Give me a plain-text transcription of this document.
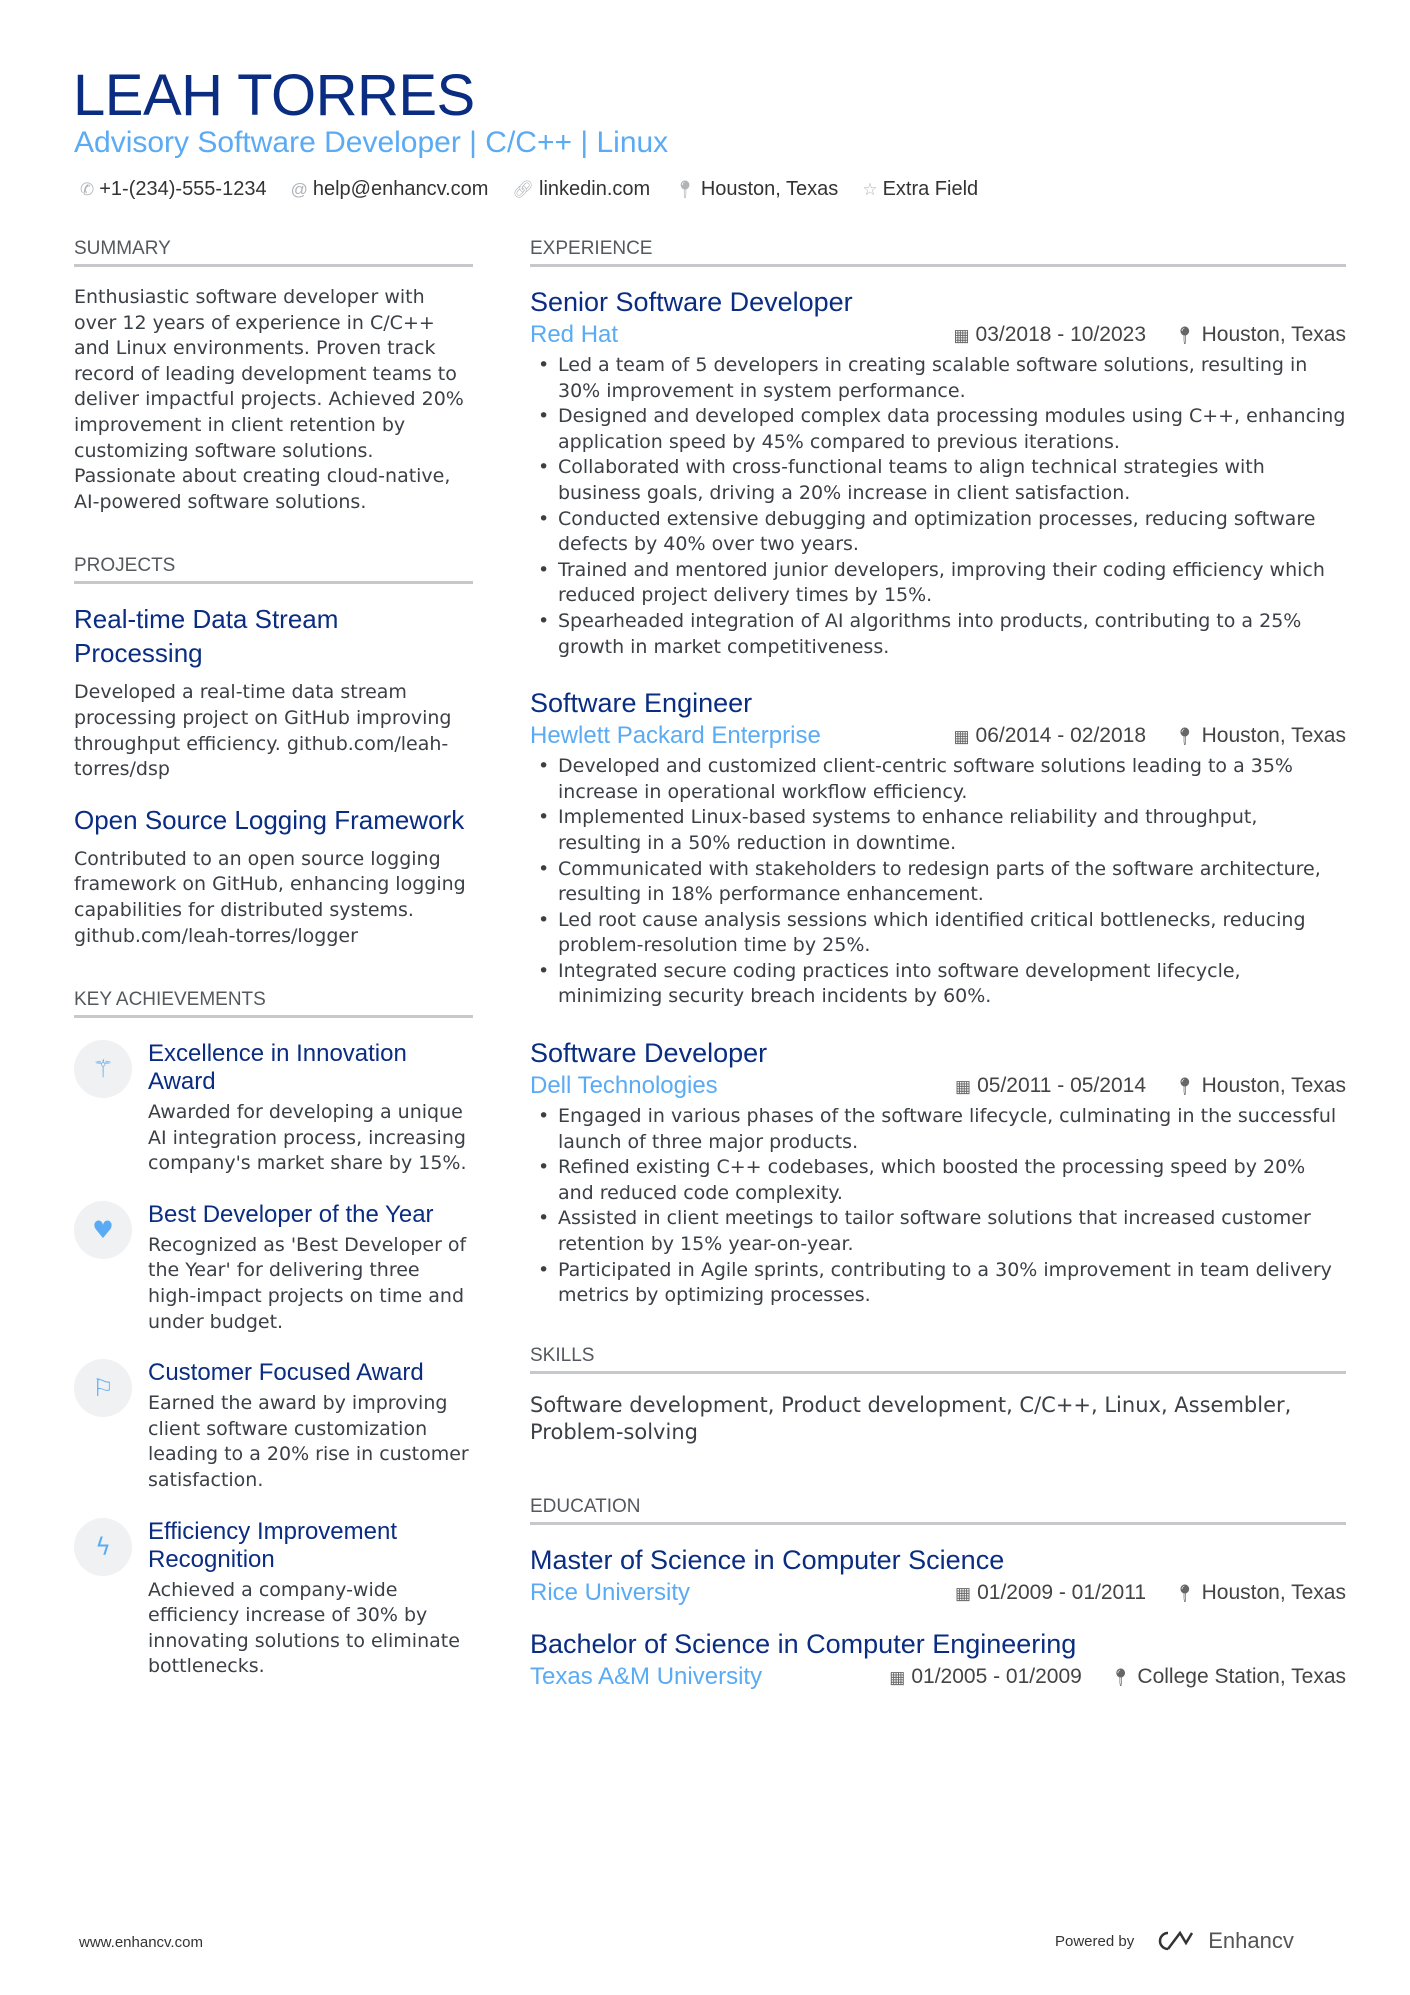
LEAH TORRES
Advisory Software Developer | C/C++ | Linux
✆ +1-(234)-555-1234 @ help@enhancv.com 🔗︎ linkedin.com 📍︎ Houston, Texas ☆ Extra Field
SUMMARY

Enthusiastic software developer with over 12 years of experience in C/C++ and Linux environments. Proven track record of leading development teams to deliver impactful projects. Achieved 20% improvement in client retention by customizing software solutions. Passionate about creating cloud-native, AI-powered software solutions.

PROJECTS
Real-time Data Stream Processing

Developed a real-time data stream processing project on GitHub improving throughput efficiency. github.com/leah-torres/dsp

Open Source Logging Framework

Contributed to an open source logging framework on GitHub, enhancing logging capabilities for distributed systems. github.com/leah-torres/logger

KEY ACHIEVEMENTS
⚚
Excellence in Innovation Award

Awarded for developing a unique AI integration process, increasing company's market share by 15%.

♥
Best Developer of the Year

Recognized as 'Best Developer of the Year' for delivering three high-impact projects on time and under budget.

⚐
Customer Focused Award

Earned the award by improving client software customization leading to a 20% rise in customer satisfaction.

ϟ
Efficiency Improvement Recognition

Achieved a company-wide efficiency increase of 30% by innovating solutions to eliminate bottlenecks.

EXPERIENCE
Senior Software Developer
Red Hat	▦ 03/2018 - 10/2023 📍︎ Houston, Texas
• Led a team of 5 developers in creating scalable software solutions, resulting in 30% improvement in system performance.
• Designed and developed complex data processing modules using C++, enhancing application speed by 45% compared to previous iterations.
• Collaborated with cross-functional teams to align technical strategies with business goals, driving a 20% increase in client satisfaction.
• Conducted extensive debugging and optimization processes, reducing software defects by 40% over two years.
• Trained and mentored junior developers, improving their coding efficiency which reduced project delivery times by 15%.
• Spearheaded integration of AI algorithms into products, contributing to a 25% growth in market competitiveness.
Software Engineer
Hewlett Packard Enterprise	▦ 06/2014 - 02/2018 📍︎ Houston, Texas
• Developed and customized client-centric software solutions leading to a 35% increase in operational workflow efficiency.
• Implemented Linux-based systems to enhance reliability and throughput, resulting in a 50% reduction in downtime.
• Communicated with stakeholders to redesign parts of the software architecture, resulting in 18% performance enhancement.
• Led root cause analysis sessions which identified critical bottlenecks, reducing problem-resolution time by 25%.
• Integrated secure coding practices into software development lifecycle, minimizing security breach incidents by 60%.
Software Developer
Dell Technologies	▦ 05/2011 - 05/2014 📍︎ Houston, Texas
• Engaged in various phases of the software lifecycle, culminating in the successful launch of three major products.
• Refined existing C++ codebases, which boosted the processing speed by 20% and reduced code complexity.
• Assisted in client meetings to tailor software solutions that increased customer retention by 15% year-on-year.
• Participated in Agile sprints, contributing to a 30% improvement in team delivery metrics by optimizing processes.
SKILLS

Software development, Product development, C/C++, Linux, Assembler, Problem-solving

EDUCATION
Master of Science in Computer Science
Rice University	▦ 01/2009 - 01/2011 📍︎ Houston, Texas
Bachelor of Science in Computer Engineering
Texas A&M University	▦ 01/2005 - 01/2009 📍︎ College Station, Texas
www.enhancv.com	Powered by	Enhancv
